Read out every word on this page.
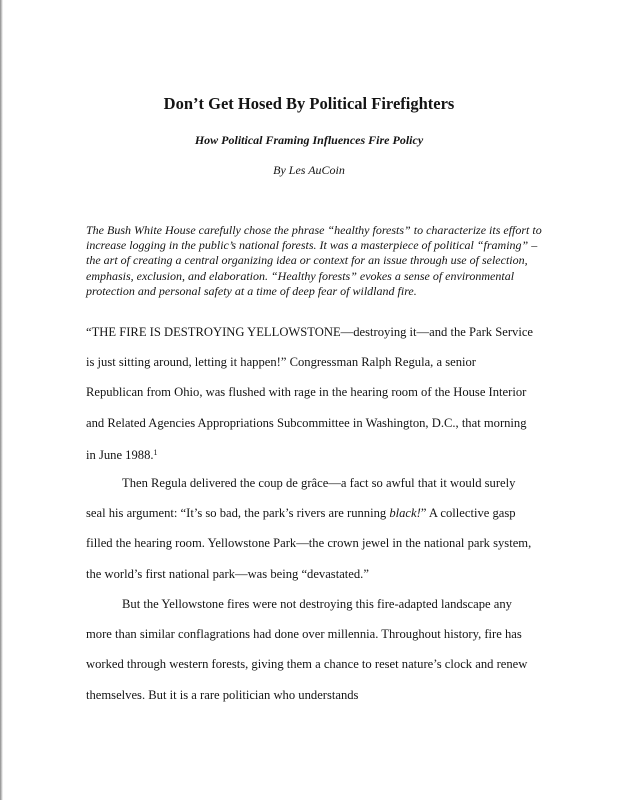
Don’t Get Hosed By Political Firefighters
How Political Framing Influences Fire Policy
By Les AuCoin

The Bush White House carefully chose the phrase “healthy forests” to characterize its effort to increase logging in the public’s national forests. It was a masterpiece of political “framing” – the art of creating a central organizing idea or context for an issue through use of selection, emphasis, exclusion, and elaboration. “Healthy forests” evokes a sense of environmental protection and personal safety at a time of deep fear of wildland fire.

“THE FIRE IS DESTROYING YELLOWSTONE—destroying it—and the Park Service is just sitting around, letting it happen!” Congressman Ralph Regula, a senior Republican from Ohio, was flushed with rage in the hearing room of the House Interior and Related Agencies Appropriations Subcommittee in Washington, D.C., that morning in June 1988.$^1$

Then Regula delivered the coup de grâce—a fact so awful that it would surely seal his argument: “It’s so bad, the park’s rivers are running black!” A collective gasp filled the hearing room. Yellowstone Park—the crown jewel in the national park system, the world’s first national park—was being “devastated.”

But the Yellowstone fires were not destroying this fire-adapted landscape any more than similar conflagrations had done over millennia. Throughout history, fire has worked through western forests, giving them a chance to reset nature’s clock and renew themselves. But it is a rare politician who understands
